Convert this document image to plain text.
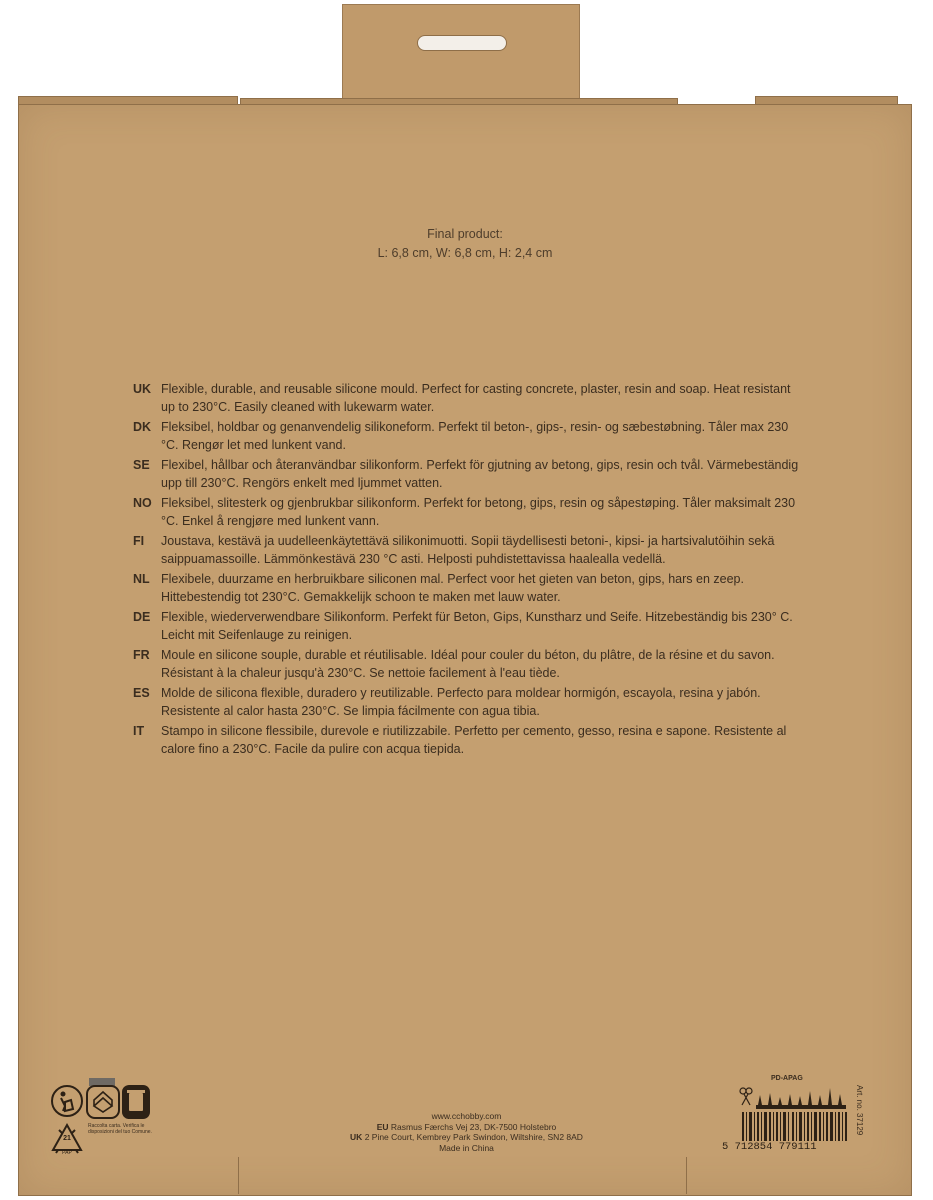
Final product:
L: 6,8 cm, W: 6,8 cm, H: 2,4 cm
UK Flexible, durable, and reusable silicone mould. Perfect for casting concrete, plaster, resin and soap. Heat resistant up to 230°C. Easily cleaned with lukewarm water.
DK Fleksibel, holdbar og genanvendelig silikoneform. Perfekt til beton-, gips-, resin- og sæbestøbning. Tåler max 230 °C. Rengør let med lunkent vand.
SE Flexibel, hållbar och återanvändbar silikonform. Perfekt för gjutning av betong, gips, resin och tvål. Värmebeständig upp till 230°C. Rengörs enkelt med ljummet vatten.
NO Fleksibel, slitesterk og gjenbrukbar silikonform. Perfekt for betong, gips, resin og såpestøping. Tåler maksimalt 230 °C. Enkel å rengjøre med lunkent vann.
FI	Joustava, kestävä ja uudelleenkäytettävä silikonimuotti. Sopii täydellisesti betoni-, kipsi- ja hartsivalutöihin sekä saippuamassoille. Lämmönkestävä 230 °C asti. Helposti puhdistettavissa haalealla vedellä.
NL Flexibele, duurzame en herbruikbare siliconen mal. Perfect voor het gieten van beton, gips, hars en zeep. Hittebestendig tot 230°C. Gemakkelijk schoon te maken met lauw water.
DE Flexible, wiederverwendbare Silikonform. Perfekt für Beton, Gips, Kunstharz und Seife. Hitzebeständig bis 230° C. Leicht mit Seifenlauge zu reinigen.
FR Moule en silicone souple, durable et réutilisable. Idéal pour couler du béton, du plâtre, de la résine et du savon. Résistant à la chaleur jusqu'à 230°C. Se nettoie facilement à l'eau tiède.
ES Molde de silicona flexible, duradero y reutilizable. Perfecto para moldear hormigón, escayola, resina y jabón. Resistente al calor hasta 230°C. Se limpia fácilmente con agua tibia.
IT	Stampo in silicone flessibile, durevole e riutilizzabile. Perfetto per cemento, gesso, resina e sapone. Resistente al calore fino a 230°C. Facile da pulire con acqua tiepida.
21
PAP
Raccolta carta. Verifica le disposizioni del tuo Comune.
www.cchobby.com
EU Rasmus Færchs Vej 23, DK-7500 Holstebro
UK 2 Pine Court, Kembrey Park Swindon, Wiltshire, SN2 8AD
Made in China
PD-APAG
Art. no. 37129
5 712854 779111
